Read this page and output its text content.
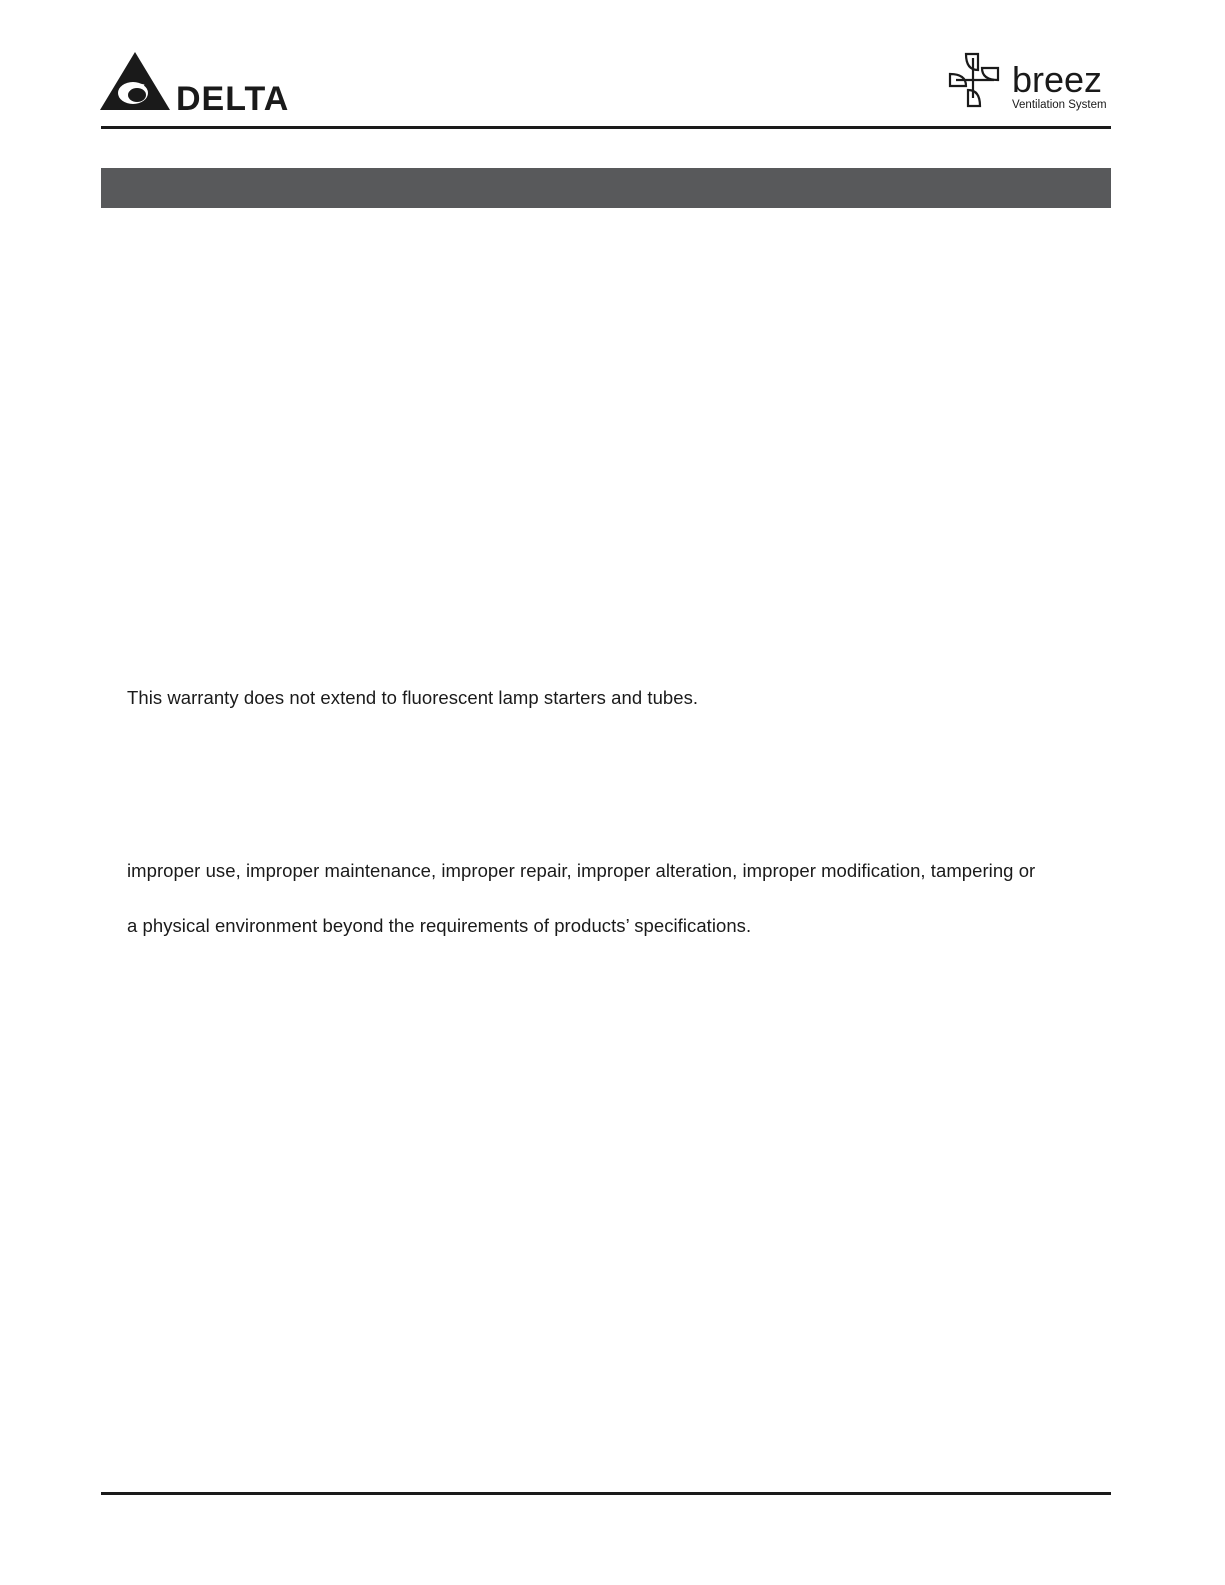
DELTA	breez
Ventilation System
This warranty does not extend to fluorescent lamp starters and tubes.
improper use, improper maintenance, improper repair, improper alteration, improper modification, tampering or
a physical environment beyond the requirements of products’ specifications.
